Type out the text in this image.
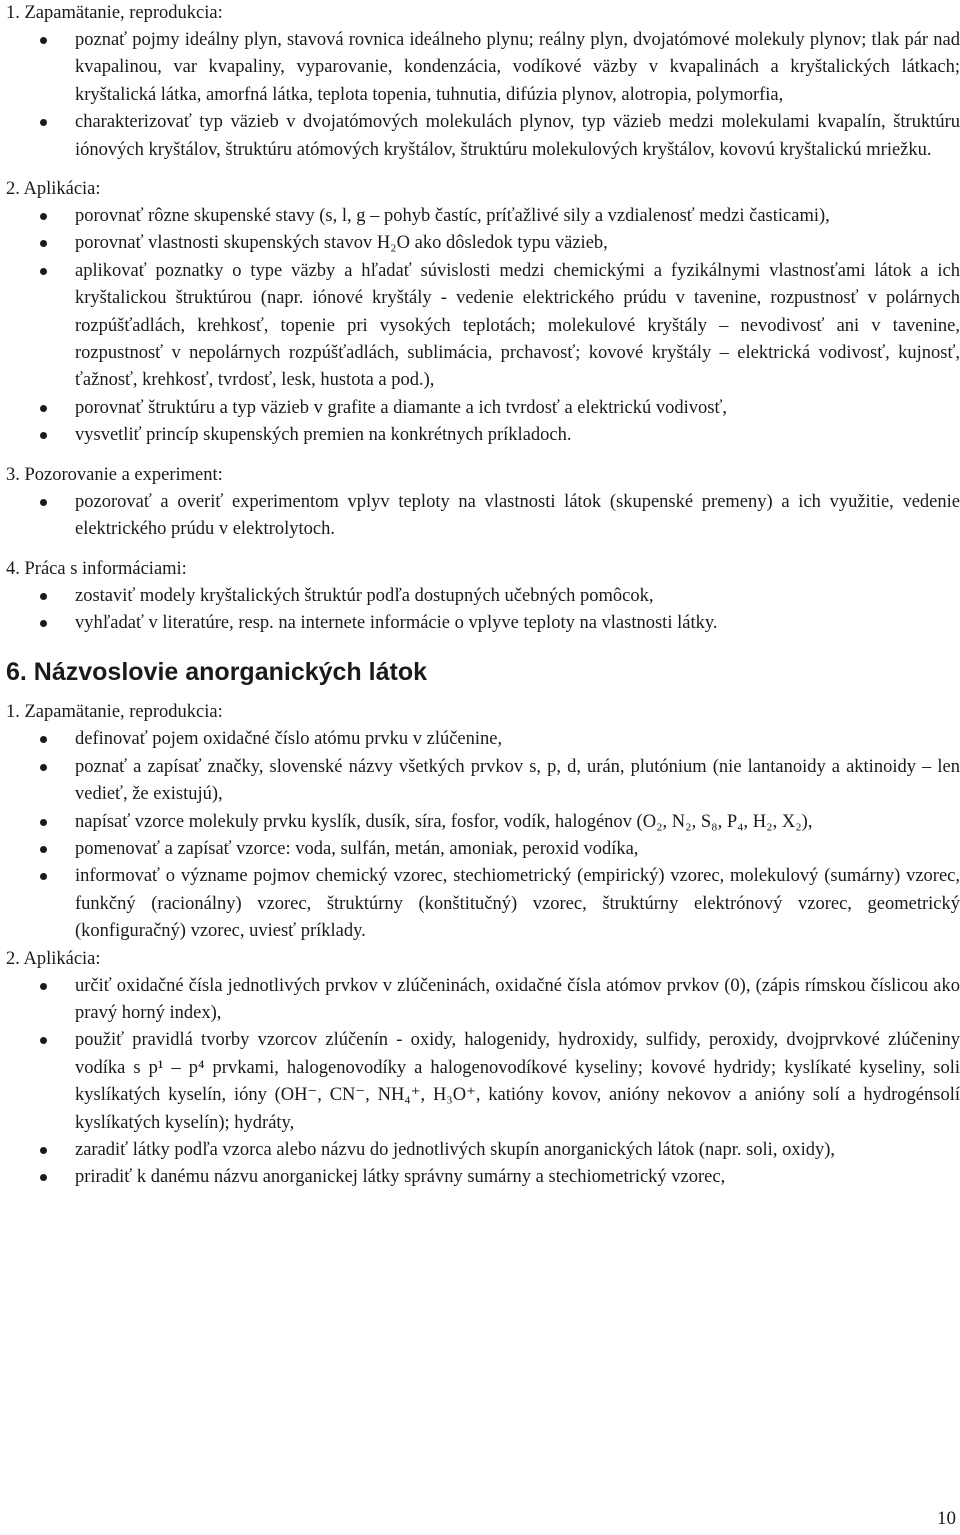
1. Zapamätanie, reprodukcia:

poznať pojmy ideálny plyn, stavová rovnica ideálneho plynu; reálny plyn, dvojatómové molekuly plynov; tlak pár nad kvapalinou, var kvapaliny, vyparovanie, kondenzácia, vodíkové väzby v kvapalinách a kryštalických látkach; kryštalická látka, amorfná látka, teplota topenia, tuhnutia, difúzia plynov, alotropia, polymorfia,
charakterizovať typ väzieb v dvojatómových molekulách plynov, typ väzieb medzi molekulami kvapalín, štruktúru iónových kryštálov, štruktúru atómových kryštálov, štruktúru molekulových kryštálov, kovovú kryštalickú mriežku.

2. Aplikácia:

porovnať rôzne skupenské stavy (s, l, g – pohyb častíc, príťažlivé sily a vzdialenosť medzi časticami),
porovnať vlastnosti skupenských stavov H₂O ako dôsledok typu väzieb,
aplikovať poznatky o type väzby a hľadať súvislosti medzi chemickými a fyzikálnymi vlastnosťami látok a ich kryštalickou štruktúrou (napr. iónové kryštály - vedenie elektrického prúdu v tavenine, rozpustnosť v polárnych rozpúšťadlách, krehkosť, topenie pri vysokých teplotách; molekulové kryštály – nevodivosť ani v tavenine, rozpustnosť v nepolárnych rozpúšťadlách, sublimácia, prchavosť; kovové kryštály – elektrická vodivosť, kujnosť, ťažnosť, krehkosť, tvrdosť, lesk, hustota a pod.),
porovnať štruktúru a typ väzieb v grafite a diamante a ich tvrdosť a elektrickú vodivosť,
vysvetliť princíp skupenských premien na konkrétnych príkladoch.

3. Pozorovanie a experiment:

pozorovať a overiť experimentom vplyv teploty na vlastnosti látok (skupenské premeny) a ich využitie, vedenie elektrického prúdu v elektrolytoch.

4. Práca s informáciami:

zostaviť modely kryštalických štruktúr podľa dostupných učebných pomôcok,
vyhľadať v literatúre, resp. na internete informácie o vplyve teploty na vlastnosti látky.
6. Názvoslovie anorganických látok

1. Zapamätanie, reprodukcia:

definovať pojem oxidačné číslo atómu prvku v zlúčenine,
poznať a zapísať značky, slovenské názvy všetkých prvkov s, p, d, urán, plutónium (nie lantanoidy a aktinoidy – len vedieť, že existujú),
napísať vzorce molekuly prvku kyslík, dusík, síra, fosfor, vodík, halogénov (O₂, N₂, S₈, P₄, H₂, X₂),
pomenovať a zapísať vzorce: voda, sulfán, metán, amoniak, peroxid vodíka,
informovať o význame pojmov chemický vzorec, stechiometrický (empirický) vzorec, molekulový (sumárny) vzorec, funkčný (racionálny) vzorec, štruktúrny (konštitučný) vzorec, štruktúrny elektrónový vzorec, geometrický (konfiguračný) vzorec, uviesť príklady.

2. Aplikácia:

určiť oxidačné čísla jednotlivých prvkov v zlúčeninách, oxidačné čísla atómov prvkov (0), (zápis rímskou číslicou ako pravý horný index),
použiť pravidlá tvorby vzorcov zlúčenín - oxidy, halogenidy, hydroxidy, sulfidy, peroxidy, dvojprvkové zlúčeniny vodíka s p¹ – p⁴ prvkami, halogenovodíky a halogenovodíkové kyseliny; kovové hydridy; kyslíkaté kyseliny, soli kyslíkatých kyselín, ióny (OH⁻, CN⁻, NH₄⁺, H₃O⁺, katióny kovov, anióny nekovov a anióny solí a hydrogénsolí kyslíkatých kyselín); hydráty,
zaradiť látky podľa vzorca alebo názvu do jednotlivých skupín anorganických látok (napr. soli, oxidy),
priradiť k danému názvu anorganickej látky správny sumárny a stechiometrický vzorec,
10
